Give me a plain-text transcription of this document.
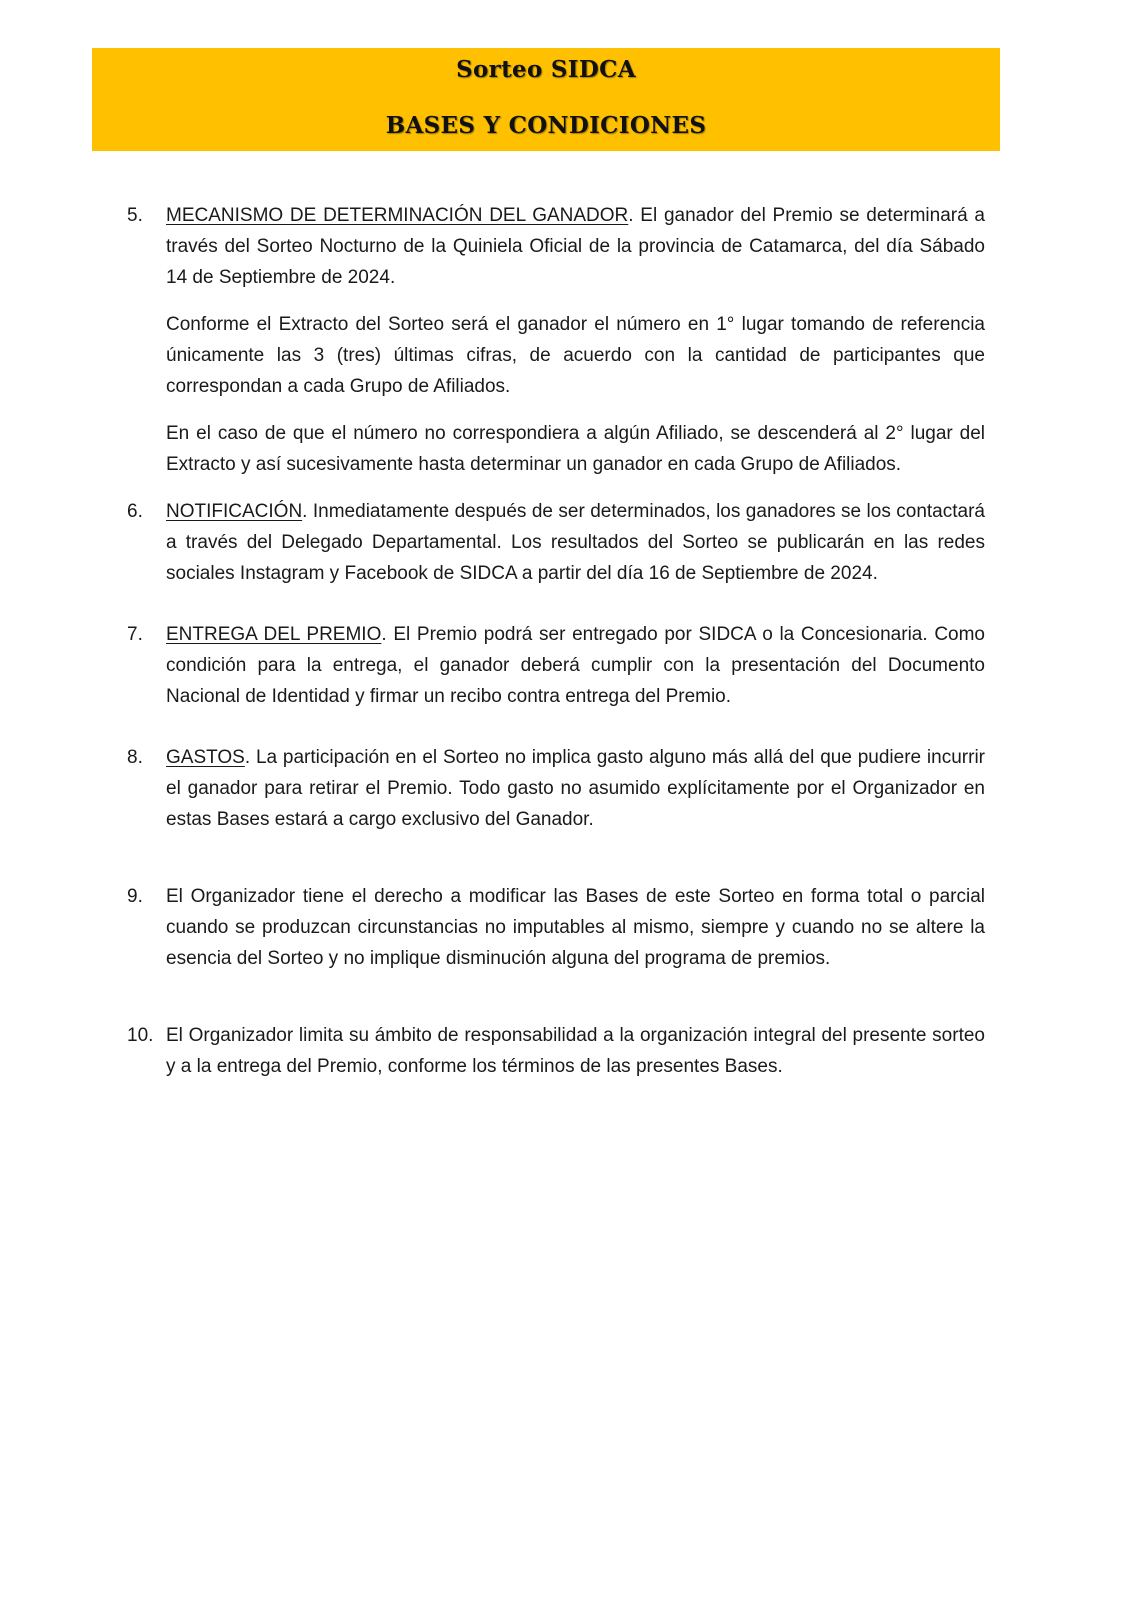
Sorteo SIDCA
BASES Y CONDICIONES
5. MECANISMO DE DETERMINACIÓN DEL GANADOR. El ganador del Premio se determinará a través del Sorteo Nocturno de la Quiniela Oficial de la provincia de Catamarca, del día Sábado 14 de Septiembre de 2024.

Conforme el Extracto del Sorteo será el ganador el número en 1° lugar tomando de referencia únicamente las 3 (tres) últimas cifras, de acuerdo con la cantidad de participantes que correspondan a cada Grupo de Afiliados.

En el caso de que el número no correspondiera a algún Afiliado, se descenderá al 2° lugar del Extracto y así sucesivamente hasta determinar un ganador en cada Grupo de Afiliados.

6. NOTIFICACIÓN. Inmediatamente después de ser determinados, los ganadores se los contactará a través del Delegado Departamental. Los resultados del Sorteo se publicarán en las redes sociales Instagram y Facebook de SIDCA a partir del día 16 de Septiembre de 2024.

7. ENTREGA DEL PREMIO. El Premio podrá ser entregado por SIDCA o la Concesionaria. Como condición para la entrega, el ganador deberá cumplir con la presentación del Documento Nacional de Identidad y firmar un recibo contra entrega del Premio.

8. GASTOS. La participación en el Sorteo no implica gasto alguno más allá del que pudiere incurrir el ganador para retirar el Premio. Todo gasto no asumido explícitamente por el Organizador en estas Bases estará a cargo exclusivo del Ganador.

9. El Organizador tiene el derecho a modificar las Bases de este Sorteo en forma total o parcial cuando se produzcan circunstancias no imputables al mismo, siempre y cuando no se altere la esencia del Sorteo y no implique disminución alguna del programa de premios.

10. El Organizador limita su ámbito de responsabilidad a la organización integral del presente sorteo y a la entrega del Premio, conforme los términos de las presentes Bases.
